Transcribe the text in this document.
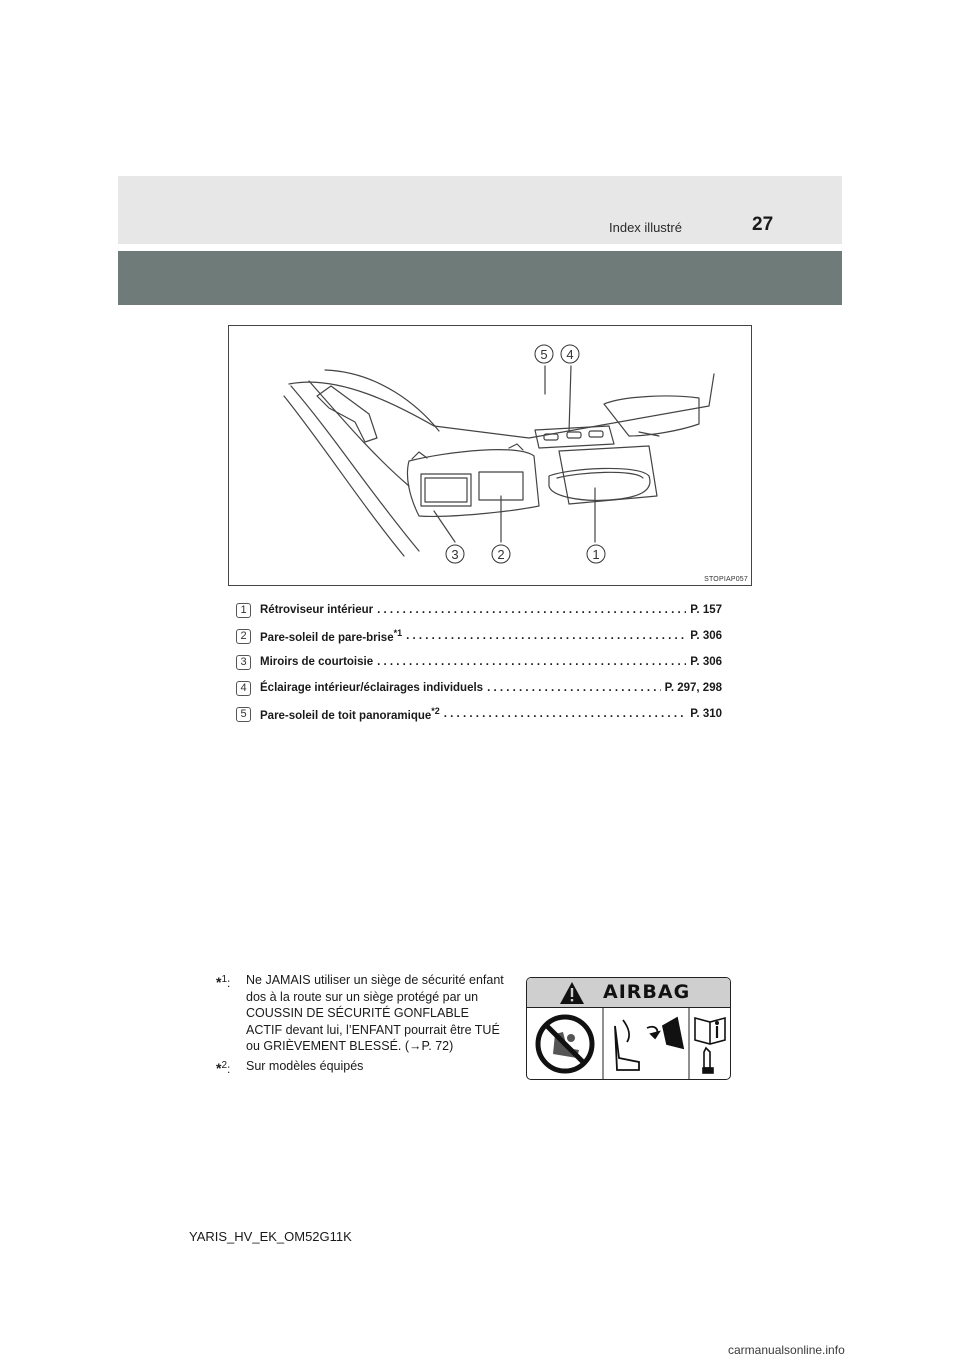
Index illustré	27
5 4
3	2	1
STOPIAP057
1	Rétroviseur intérieur . . .	P. 157
2	Pare-soleil de pare-brise$^{*1}$ . . .	P. 306
3	Miroirs de courtoisie . . .	P. 306
4	Éclairage intérieur/éclairages individuels . . .	P. 297, 298
5	Pare-soleil de toit panoramique$^{*2}$ . . .	P. 310
*$^1$:	Ne JAMAIS utiliser un siège de sécurité enfant dos à la route sur un siège protégé par un COUSSIN DE SÉCURITÉ GONFLABLE ACTIF devant lui, l’ENFANT pourrait être TUÉ ou GRIÈVEMENT BLESSÉ. (→P. 72)
*$^2$:	Sur modèles équipés
AIRBAG
YARIS_HV_EK_OM52G11K
carmanualsonline.info
